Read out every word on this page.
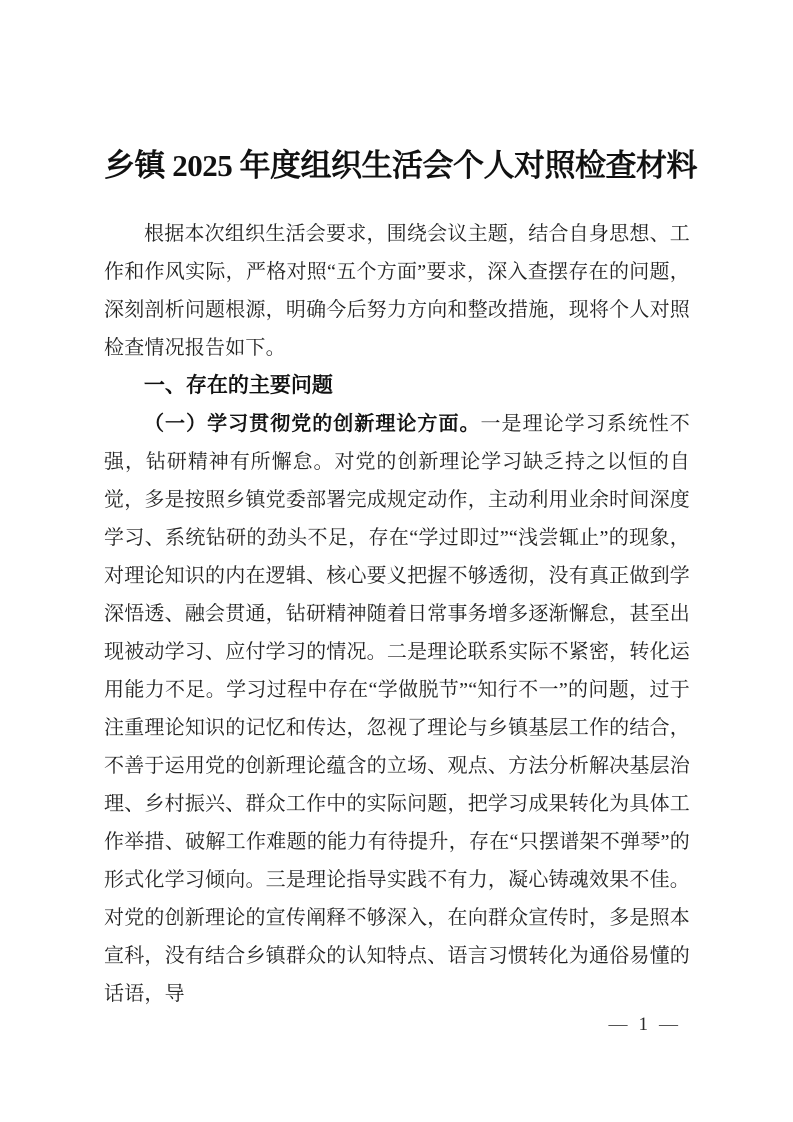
乡镇 2025 年度组织生活会个人对照检查材料

根据本次组织生活会要求，围绕会议主题，结合自身思想、工作和作风实际，严格对照“五个方面”要求，深入查摆存在的问题，深刻剖析问题根源，明确今后努力方向和整改措施，现将个人对照检查情况报告如下。

一、存在的主要问题

（一）学习贯彻党的创新理论方面。一是理论学习系统性不强，钻研精神有所懈怠。对党的创新理论学习缺乏持之以恒的自觉，多是按照乡镇党委部署完成规定动作，主动利用业余时间深度学习、系统钻研的劲头不足，存在“学过即过”“浅尝辄止”的现象，对理论知识的内在逻辑、核心要义把握不够透彻，没有真正做到学深悟透、融会贯通，钻研精神随着日常事务增多逐渐懈怠，甚至出现被动学习、应付学习的情况。二是理论联系实际不紧密，转化运用能力不足。学习过程中存在“学做脱节”“知行不一”的问题，过于注重理论知识的记忆和传达，忽视了理论与乡镇基层工作的结合，不善于运用党的创新理论蕴含的立场、观点、方法分析解决基层治理、乡村振兴、群众工作中的实际问题，把学习成果转化为具体工作举措、破解工作难题的能力有待提升，存在“只摆谱架不弹琴”的形式化学习倾向。三是理论指导实践不有力，凝心铸魂效果不佳。对党的创新理论的宣传阐释不够深入，在向群众宣传时，多是照本宣科，没有结合乡镇群众的认知特点、语言习惯转化为通俗易懂的话语，导

— 1 —
